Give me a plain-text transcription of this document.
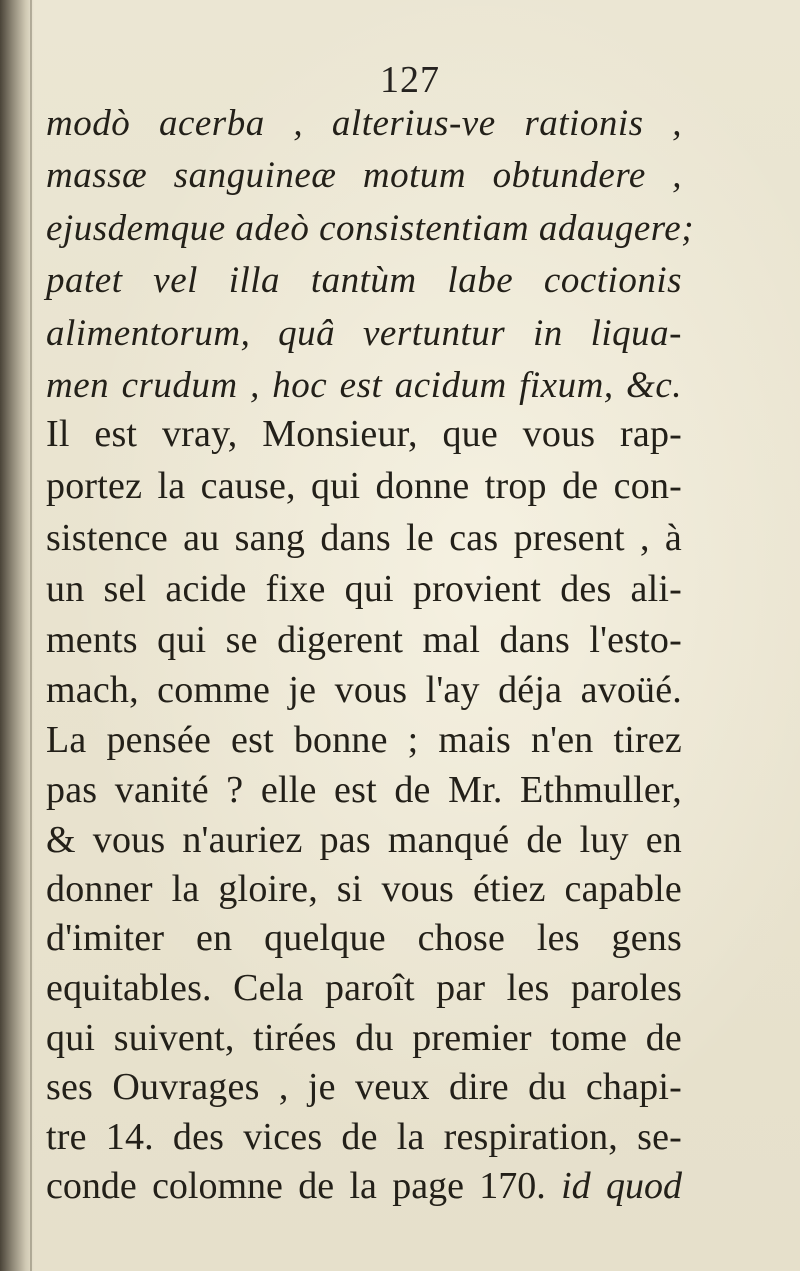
127
modò acerba , alterius-ve rationis ,
massæ sanguineæ motum obtundere ,
ejusdemque adeò consistentiam adaugere;
patet vel illa tantùm labe coctionis
alimentorum, quâ vertuntur in liqua-
men crudum , hoc est acidum fixum, &c.
Il est vray, Monsieur, que vous rap-
portez la cause, qui donne trop de con-
sistence au sang dans le cas present , à
un sel acide fixe qui provient des ali-
ments qui se digerent mal dans l'esto-
mach, comme je vous l'ay déja avoüé.
La pensée est bonne ; mais n'en tirez
pas vanité ? elle est de Mr. Ethmuller,
& vous n'auriez pas manqué de luy en
donner la gloire, si vous étiez capable
d'imiter en quelque chose les gens
equitables. Cela paroît par les paroles
qui suivent, tirées du premier tome de
ses Ouvrages , je veux dire du chapi-
tre 14. des vices de la respiration, se-
conde colomne de la page 170. id quod
